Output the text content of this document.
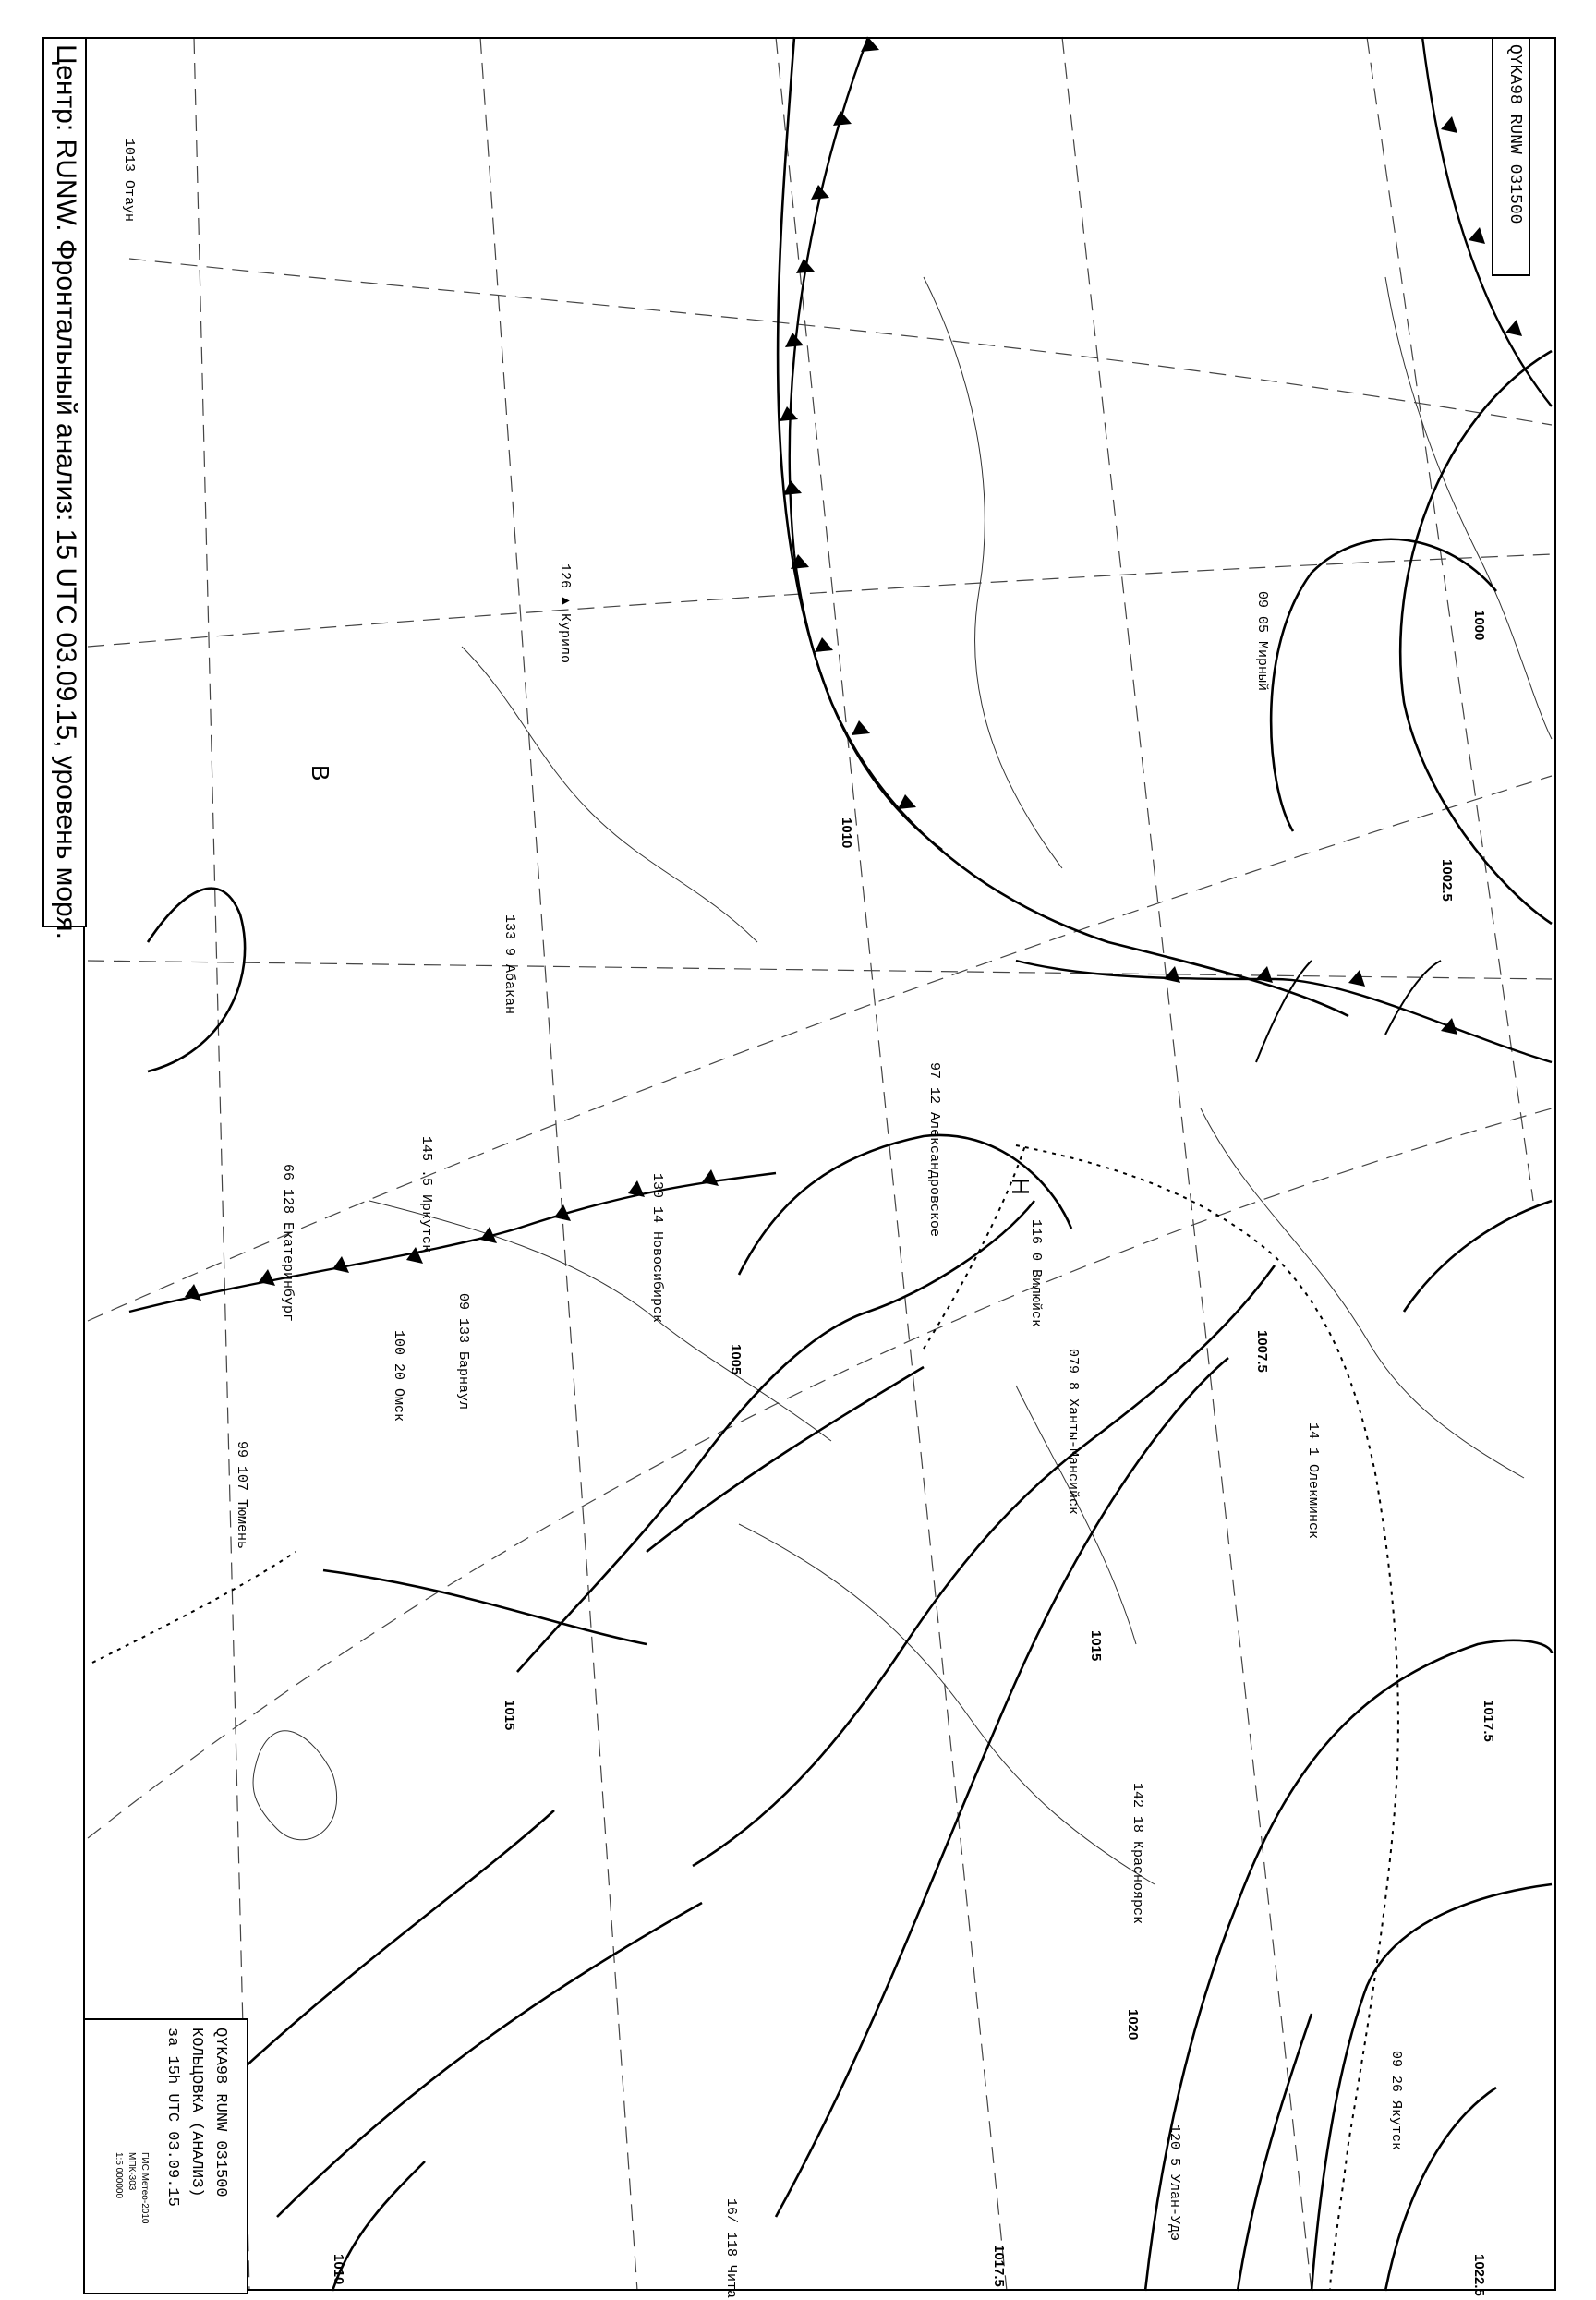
Центр: RUNW. Фронтальный анализ: 15 UTC 03.09.15, уровень моря.	QYKA98 RUNW 031500
QYKA98 RUNW 031500
КОЛЬЦОВКА (АНАЛИЗ)
за 15h UTC 03.09.15
ГИС Метео-2010
МПК-303
1:5 000000
1000
1002.5
1005	1007.5
1010
1015
1017.5
1020
1022.5
1017.5
1015
1010
В
Н
1013 Отаун
09 05 Мирный
126 ▲ Курило
09 26 Якутск
16/ 118 Чита
120 5 Улан-Удэ
145 .5 Иркутск
142 18 Красноярск
133 9 Абакан
130 14 Новосибирск
09 133 Барнаул
100 20 Омск
99 107 Тюмень
66 128 Екатеринбург
97 12 Александровское
116 0 Вилюйск
14 1 Олекминск
079 8 Ханты-Мансийск
